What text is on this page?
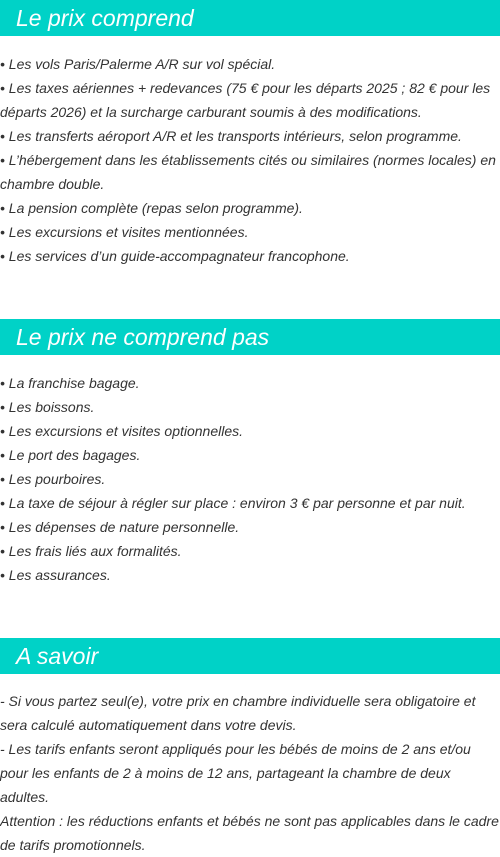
Le prix comprend
• Les vols Paris/Palerme A/R sur vol spécial.
• Les taxes aériennes + redevances (75 € pour les départs 2025 ; 82 € pour les départs 2026) et la surcharge carburant soumis à des modifications.
• Les transferts aéroport A/R et les transports intérieurs, selon programme.
• L’hébergement dans les établissements cités ou similaires (normes locales) en chambre double.
• La pension complète (repas selon programme).
• Les excursions et visites mentionnées.
• Les services d’un guide-accompagnateur francophone.
Le prix ne comprend pas
• La franchise bagage.
• Les boissons.
• Les excursions et visites optionnelles.
• Le port des bagages.
• Les pourboires.
• La taxe de séjour à régler sur place : environ 3 € par personne et par nuit.
• Les dépenses de nature personnelle.
• Les frais liés aux formalités.
• Les assurances.
A savoir
- Si vous partez seul(e), votre prix en chambre individuelle sera obligatoire et sera calculé automatiquement dans votre devis.
- Les tarifs enfants seront appliqués pour les bébés de moins de 2 ans et/ou pour les enfants de 2 à moins de 12 ans, partageant la chambre de deux adultes.
Attention : les réductions enfants et bébés ne sont pas applicables dans le cadre de tarifs promotionnels.
